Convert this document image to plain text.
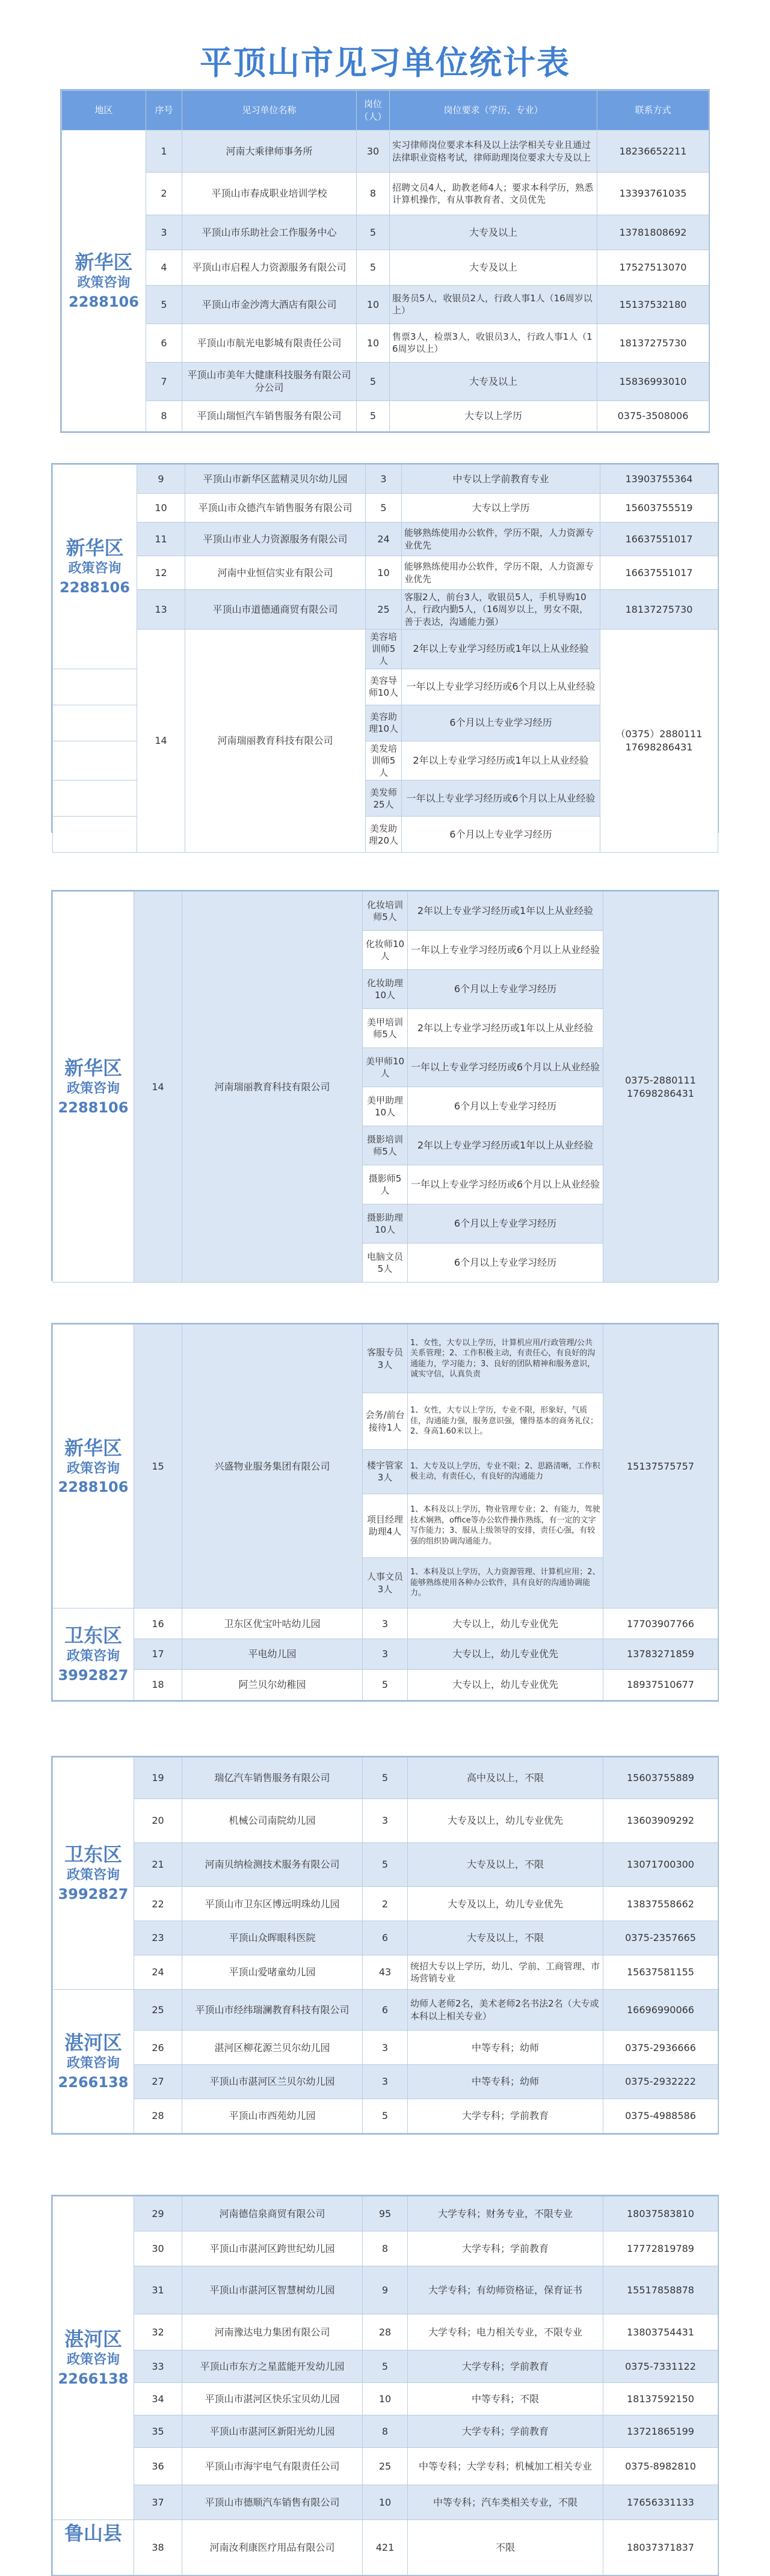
平顶山市见习单位统计表
地区	序号	见习单位名称	岗位（人）	岗位要求（学历、专业）	联系方式

新华区
政策咨询
2288106	1	河南大乘律师事务所	30	实习律师岗位要求本科及以上法学相关专业且通过法律职业资格考试，律师助理岗位要求大专及以上	18236652211
	2	平顶山市春成职业培训学校	8	招聘文员4人，助教老师4人；要求本科学历，熟悉计算机操作，有从事教育者、文员优先	13393761035
	3	平顶山市乐助社会工作服务中心	5	大专及以上	13781808692
	4	平顶山市启程人力资源服务有限公司	5	大专及以上	17527513070
	5	平顶山市金沙湾大酒店有限公司	10	服务员5人，收银员2人，行政人事1人（16周岁以上）	15137532180
	6	平顶山市航光电影城有限责任公司	10	售票3人，检票3人，收银员3人，行政人事1人（16周岁以上）	18137275730
	7	平顶山市美年大健康科技服务有限公司分公司	5	大专及以上	15836993010
	8	平顶山瑞恒汽车销售服务有限公司	5	大专以上学历	0375-3508006
新华区
政策咨询
2288106	9	平顶山市新华区蓝精灵贝尔幼儿园	3	中专以上学前教育专业	13903755364
	10	平顶山市众德汽车销售服务有限公司	5	大专以上学历	15603755519
	11	平顶山市业人力资源服务有限公司	24	能够熟练使用办公软件，学历不限，人力资源专业优先	16637551017
	12	河南中业恒信实业有限公司	10	能够熟练使用办公软件，学历不限，人力资源专业优先	16637551017
	13	平顶山市道德通商贸有限公司	25	客服2人，前台3人，收银员5人，手机导购10人，行政内勤5人，（16周岁以上，男女不限，善于表达，沟通能力强）	18137275730
	14	河南瑞丽教育科技有限公司	美容培训师5人	2年以上专业学习经历或1年以上从业经验	（0375）2880111
17698286431

			美容导师10人	一年以上专业学习经历或6个月以上从业经验	
			美容助理10人	6个月以上专业学习经历	
			美发培训师5人	2年以上专业学习经历或1年以上从业经验	
			美发师25人	一年以上专业学习经历或6个月以上从业经验	
			美发助理20人	6个月以上专业学习经历	
新华区
政策咨询
2288106	14	河南瑞丽教育科技有限公司	化妆培训师5人	2年以上专业学习经历或1年以上从业经验	0375-2880111
17698286431

			化妆师10人	一年以上专业学习经历或6个月以上从业经验	
			化妆助理10人	6个月以上专业学习经历	
			美甲培训师5人	2年以上专业学习经历或1年以上从业经验	
			美甲师10人	一年以上专业学习经历或6个月以上从业经验	
			美甲助理10人	6个月以上专业学习经历	
			摄影培训师5人	2年以上专业学习经历或1年以上从业经验	
			摄影师5人	一年以上专业学习经历或6个月以上从业经验	
			摄影助理10人	6个月以上专业学习经历	
			电脑文员5人	6个月以上专业学习经历	
新华区
政策咨询
2288106	15	兴盛物业服务集团有限公司	客服专员3人	1、女性，大专以上学历，计算机应用/行政管理/公共关系管理；2、工作积极主动，有责任心，有良好的沟通能力，学习能力；3、良好的团队精神和服务意识，诚实守信，认真负责	15137575757
			会务/前台接待1人	1、女性，大专以上学历，专业不限，形象好，气质佳，沟通能力强，服务意识强，懂得基本的商务礼仪；2、身高1.60米以上。	
			楼宇管家3人	1、大专及以上学历，专业不限；2、思路清晰，工作积极主动，有责任心，有良好的沟通能力	
			项目经理助理4人	1、本科及以上学历，物业管理专业；2、有能力，驾驶技术娴熟，office等办公软件操作熟练，有一定的文字写作能力；3、服从上级领导的安排，责任心强，有较强的组织协调沟通能力。	
			人事文员3人	1、本科及以上学历，人力资源管理、计算机应用；2、能够熟练使用各种办公软件，具有良好的沟通协调能力。	

卫东区
政策咨询
3992827	16	卫东区优宝叶咕幼儿园	3	大专以上，幼儿专业优先	17703907766
	17	平电幼儿园	3	大专以上，幼儿专业优先	13783271859
	18	阿兰贝尔幼稚园	5	大专以上，幼儿专业优先	18937510677
卫东区
政策咨询
3992827	19	瑞亿汽车销售服务有限公司	5	高中及以上，不限	15603755889
	20	机械公司南院幼儿园	3	大专及以上，幼儿专业优先	13603909292
	21	河南贝纳检测技术服务有限公司	5	大专及以上，不限	13071700300
	22	平顶山市卫东区博远明珠幼儿园	2	大专及以上，幼儿专业优先	13837558662
	23	平顶山众晖眼科医院	6	大专及以上，不限	0375-2357665
	24	平顶山爱啫童幼儿园	43	统招大专以上学历，幼儿、学前、工商管理、市场营销专业	15637581155

湛河区
政策咨询
2266138	25	平顶山市经纬瑞澜教育科技有限公司	6	幼师人老师2名，美术老师2名书法2名（大专或本科以上相关专业）	16696990066
	26	湛河区柳花源兰贝尔幼儿园	3	中等专科；幼师	0375-2936666
	27	平顶山市湛河区兰贝尔幼儿园	3	中等专科；幼师	0375-2932222
	28	平顶山市西苑幼儿园	5	大学专科；学前教育	0375-4988586
湛河区
政策咨询
2266138	29	河南德信泉商贸有限公司	95	大学专科；财务专业，不限专业	18037583810
	30	平顶山市湛河区跨世纪幼儿园	8	大学专科；学前教育	17772819789
	31	平顶山市湛河区智慧树幼儿园	9	大学专科；有幼师资格证，保育证书	15517858878
	32	河南豫达电力集团有限公司	28	大学专科；电力相关专业，不限专业	13803754431
	33	平顶山市东方之星蓝能开发幼儿园	5	大学专科；学前教育	0375-7331122
	34	平顶山市湛河区快乐宝贝幼儿园	10	中等专科；不限	18137592150
	35	平顶山市湛河区新阳光幼儿园	8	大学专科；学前教育	13721865199
	36	平顶山市海宇电气有限责任公司	25	中等专科；大学专科；机械加工相关专业	0375-8982810
	37	平顶山市德顺汽车销售有限公司	10	中等专科；汽车类相关专业，不限	17656331133

鲁山县	38	河南汝利康医疗用品有限公司	421	不限	18037371837
